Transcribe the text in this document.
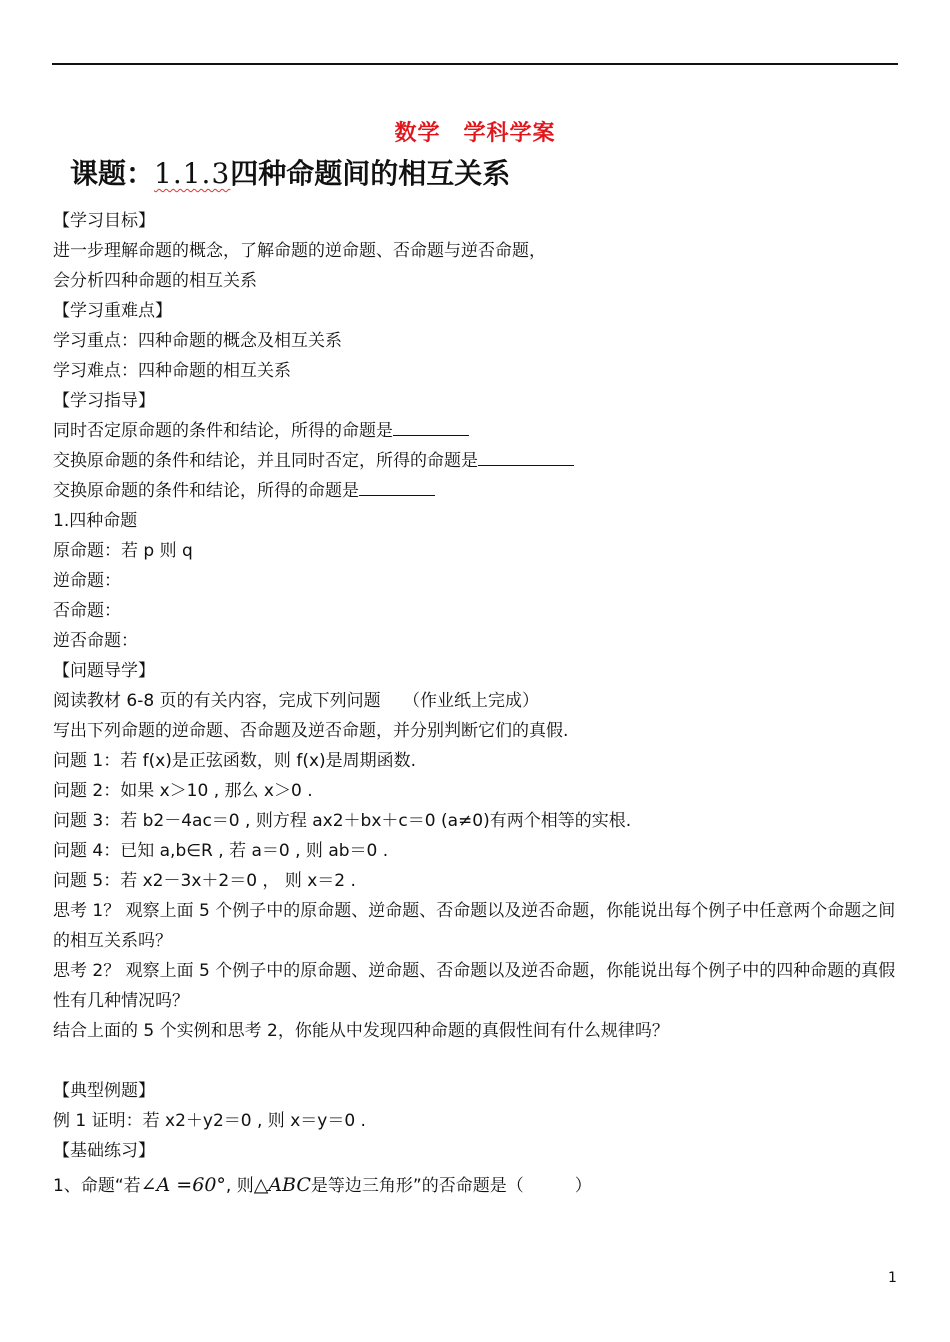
数学　学科学案
课题：1.1.3四种命题间的相互关系
【学习目标】
进一步理解命题的概念，了解命题的逆命题、否命题与逆否命题，
会分析四种命题的相互关系
【学习重难点】
学习重点：四种命题的概念及相互关系
学习难点：四种命题的相互关系
【学习指导】
同时否定原命题的条件和结论，所得的命题是
交换原命题的条件和结论，并且同时否定，所得的命题是
交换原命题的条件和结论，所得的命题是
1.四种命题
原命题：若 p 则 q
逆命题：
否命题：
逆否命题：
【问题导学】
阅读教材 6-8 页的有关内容，完成下列问题　 （作业纸上完成）
写出下列命题的逆命题、否命题及逆否命题，并分别判断它们的真假.
问题 1：若 f(x)是正弦函数，则 f(x)是周期函数.
问题 2：如果 x＞10 , 那么 x＞0 .
问题 3：若 b2－4ac＝0 , 则方程 ax2＋bx＋c＝0 (a≠0)有两个相等的实根.
问题 4：已知 a,b∈R , 若 a＝0 , 则 ab＝0 .
问题 5：若 x2－3x＋2＝0 ， 则 x＝2 .
思考 1？ 观察上面 5 个例子中的原命题、逆命题、否命题以及逆否命题，你能说出每个例子中任意两个命题之间的相互关系吗？
思考 2？ 观察上面 5 个例子中的原命题、逆命题、否命题以及逆否命题，你能说出每个例子中的四种命题的真假性有几种情况吗？
结合上面的 5 个实例和思考 2，你能从中发现四种命题的真假性间有什么规律吗？
【典型例题】
例 1 证明：若 x2＋y2＝0 , 则 x＝y＝0 .
【基础练习】
1、命题“若∠A =60°, 则△ABC是等边三角形”的否命题是（　　　）
1
